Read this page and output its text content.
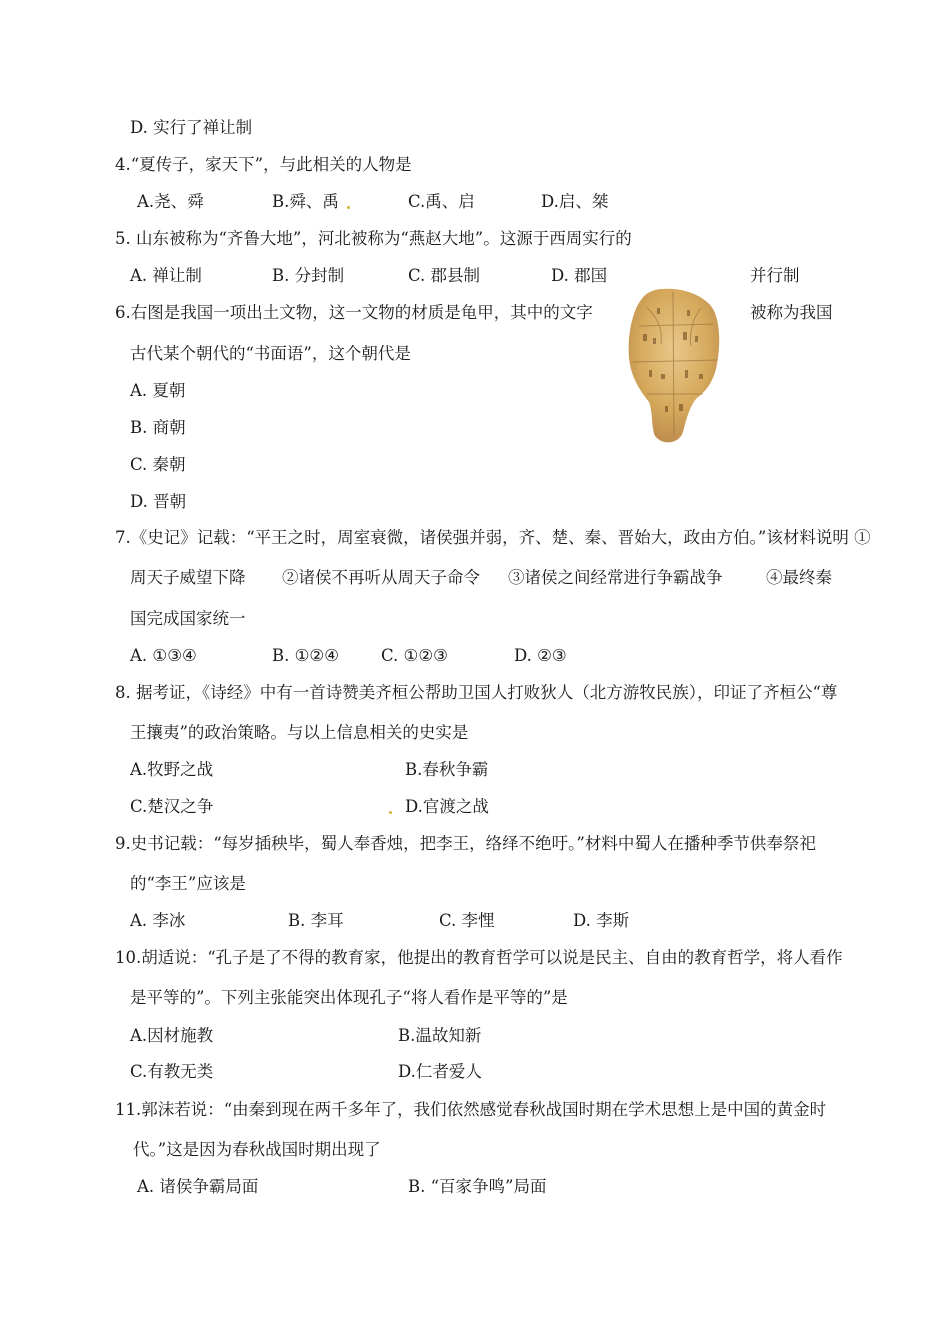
D. 实行了禅让制
4.“夏传子，家天下”，与此相关的人物是
A.尧、舜	B.舜、禹	C.禹、启	D.启、桀
5. 山东被称为“齐鲁大地”，河北被称为“燕赵大地”。这源于西周实行的
A. 禅让制	B. 分封制	C. 郡县制	D. 郡国	并行制
6.右图是我国一项出土文物，这一文物的材质是龟甲，其中的文字	被称为我国
古代某个朝代的“书面语”，这个朝代是
A. 夏朝
B. 商朝
C. 秦朝
D. 晋朝
7.《史记》记载：“平王之时，周室衰微，诸侯强并弱，齐、楚、秦、晋始大，政由方伯。”该材料说明 ①
周天子威望下降 ②诸侯不再听从周天子命令 ③诸侯之间经常进行争霸战争	④最终秦
国完成国家统一
A. ①③④	B. ①②④	C. ①②③	D. ②③
8. 据考证，《诗经》中有一首诗赞美齐桓公帮助卫国人打败狄人（北方游牧民族），印证了齐桓公“尊
王攘夷”的政治策略。与以上信息相关的史实是
A.牧野之战	B.春秋争霸
C.楚汉之争	D.官渡之战
9.史书记载：“每岁插秧毕，蜀人奉香烛，把李王，络绎不绝吁。”材料中蜀人在播种季节供奉祭祀
的“李王”应该是
A. 李冰	B. 李耳	C. 李悝	D. 李斯
10.胡适说：“孔子是了不得的教育家，他提出的教育哲学可以说是民主、自由的教育哲学，将人看作
是平等的”。下列主张能突出体现孔子“将人看作是平等的”是
A.因材施教	B.温故知新
C.有教无类	D.仁者爱人
11.郭沫若说：“由秦到现在两千多年了，我们依然感觉春秋战国时期在学术思想上是中国的黄金时
代。”这是因为春秋战国时期出现了
A. 诸侯争霸局面	B. “百家争鸣”局面
